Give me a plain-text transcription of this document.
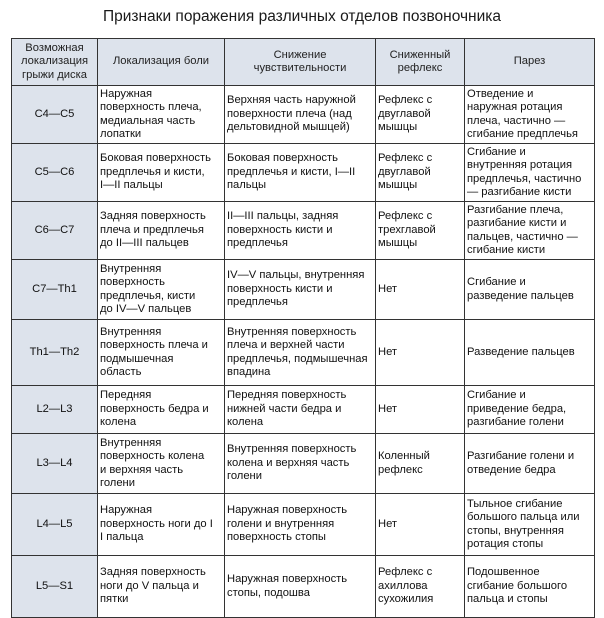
Признаки поражения различных отделов позвоночника
Возможная
локализация
грыжи диска	Локализация боли	Снижение
чувствительности	Сниженный
рефлекс	Парез

C4—C5	Наружная
поверхность плеча,
медиальная часть
лопатки	Верхняя часть наружной
поверхности плеча (над
дельтовидной мышцей)	Рефлекс с
двуглавой
мышцы	Отведение и
наружная ротация
плеча, частично —
сгибание предплечья

C5—C6	Боковая поверхность
предплечья и кисти,
I—II пальцы	Боковая поверхность
предплечья и кисти, I—II
пальцы	Рефлекс с
двуглавой
мышцы	Сгибание и
внутренняя ротация
предплечья, частично
— разгибание кисти

C6—C7	Задняя поверхность
плеча и предплечья
до II—III пальцев	II—III пальцы, задняя
поверхность кисти и
предплечья	Рефлекс с
трехглавой
мышцы	Разгибание плеча,
разгибание кисти и
пальцев, частично —
сгибание кисти

C7—Th1	Внутренняя
поверхность
предплечья, кисти
до IV—V пальцев	IV—V пальцы, внутренняя
поверхность кисти и
предплечья	Нет	Сгибание и
разведение пальцев

Th1—Th2	Внутренняя
поверхность плеча и
подмышечная
область	Внутренняя поверхность
плеча и верхней части
предплечья, подмышечная
впадина	Нет	Разведение пальцев

L2—L3	Передняя
поверхность бедра и
колена	Передняя поверхность
нижней части бедра и
колена	Нет	Сгибание и
приведение бедра,
разгибание голени

L3—L4	Внутренняя
поверхность колена
и верхняя часть
голени	Внутренняя поверхность
колена и верхняя часть
голени	Коленный
рефлекс	Разгибание голени и
отведение бедра

L4—L5	Наружная
поверхность ноги до I
I пальца	Наружная поверхность
голени и внутренняя
поверхность стопы	Нет	Тыльное сгибание
большого пальца или
стопы, внутренняя
ротация стопы

L5—S1	Задняя поверхность
ноги до V пальца и
пятки	Наружная поверхность
стопы, подошва	Рефлекс с
ахиллова
сухожилия	Подошвенное
сгибание большого
пальца и стопы
